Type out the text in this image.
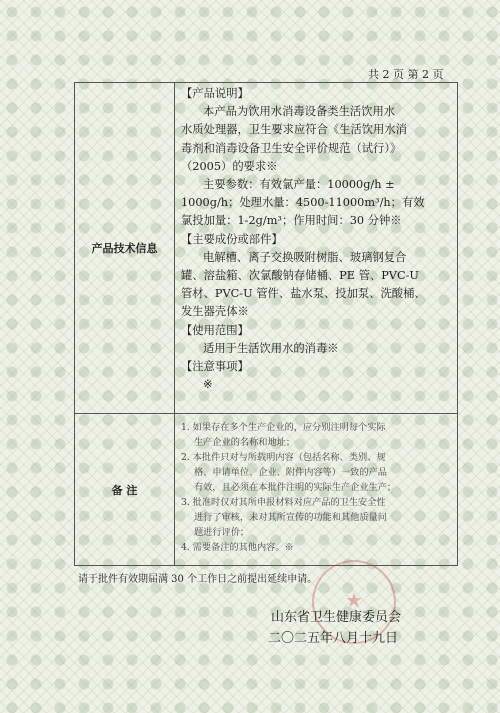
共 2 页 第 2 页
产品技术信息
【产品说明】
本产品为饮用水消毒设备类生活饮用水
水质处理器，卫生要求应符合《生活饮用水消
毒剂和消毒设备卫生安全评价规范（试行）》
（2005）的要求※
主要参数：有效氯产量：10000g/h ±
1000g/h；处理水量：4500-11000m³/h；有效
氯投加量：1-2g/m³；作用时间：30 分钟※
【主要成份或部件】
电解槽、离子交换吸附树脂、玻璃钢复合
罐、溶盐箱、次氯酸钠存储桶、PE 管、PVC-U
管材、PVC-U 管件、盐水泵、投加泵、洗酸桶、
发生器壳体※
【使用范围】
适用于生活饮用水的消毒※
【注意事项】
※
备 注
1. 如果存在多个生产企业的，应分别注明每个实际
生产企业的名称和地址；
2. 本批件只对与所载明内容（包括名称、类别、规
格、申请单位、企业、附件内容等）一致的产品
有效，且必须在本批件注明的实际生产企业生产；
3. 批准时仅对其所申报材料对应产品的卫生安全性
进行了审核，未对其所宣传的功能和其他质量问
题进行评价；
4. 需要备注的其他内容。※
请于批件有效期届满 30 个工作日之前提出延续申请。
★
山东省卫生健康委员会
二〇二五年八月十九日
